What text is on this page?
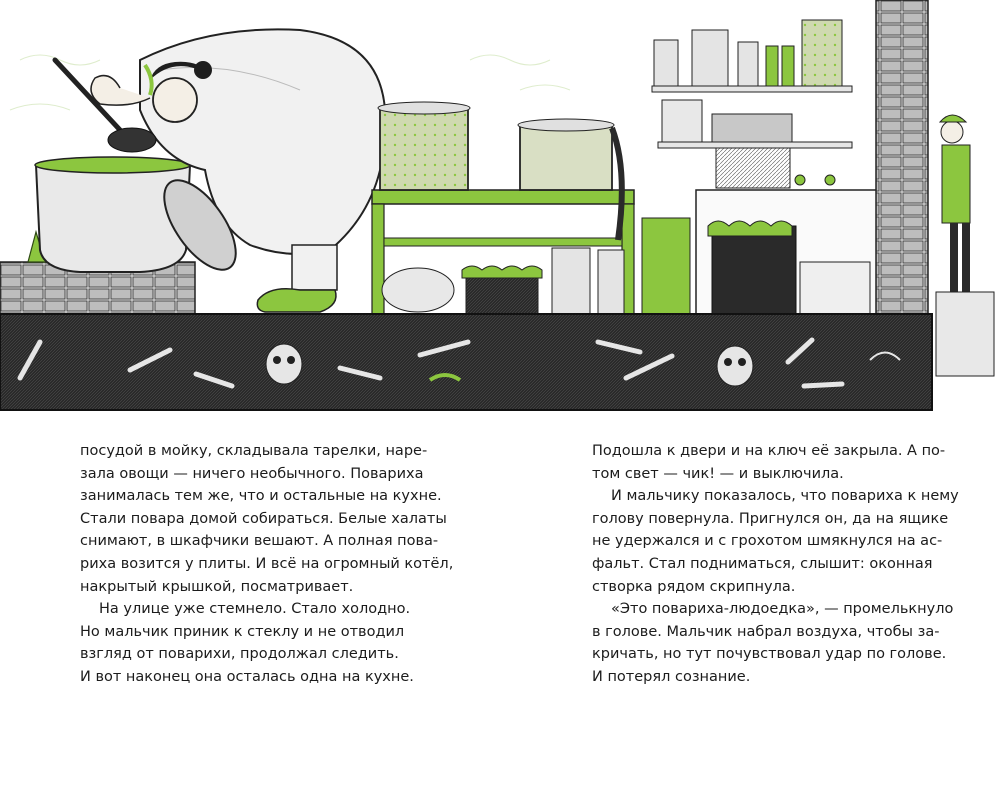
посудой в мойку, складывала тарелки, наре-
зала овощи — ничего необычного. Повариха
занималась тем же, что и остальные на кухне.
Стали повара домой собираться. Белые халаты
снимают, в шкафчики вешают. А полная пова-
риха возится у плиты. И всё на огромный котёл,
накрытый крышкой, посматривает.
На улице уже стемнело. Стало холодно.
Но мальчик приник к стеклу и не отводил
взгляд от поварихи, продолжал следить.
И вот наконец она осталась одна на кухне.
Подошла к двери и на ключ её закрыла. А по-
том свет — чик! — и выключила.
И мальчику показалось, что повариха к нему
голову повернула. Пригнулся он, да на ящике
не удержался и с грохотом шмякнулся на ас-
фальт. Стал подниматься, слышит: оконная
створка рядом скрипнула.
«Это повариха-людоедка», — промелькнуло
в голове. Мальчик набрал воздуха, чтобы за-
кричать, но тут почувствовал удар по голове.
И потерял сознание.
